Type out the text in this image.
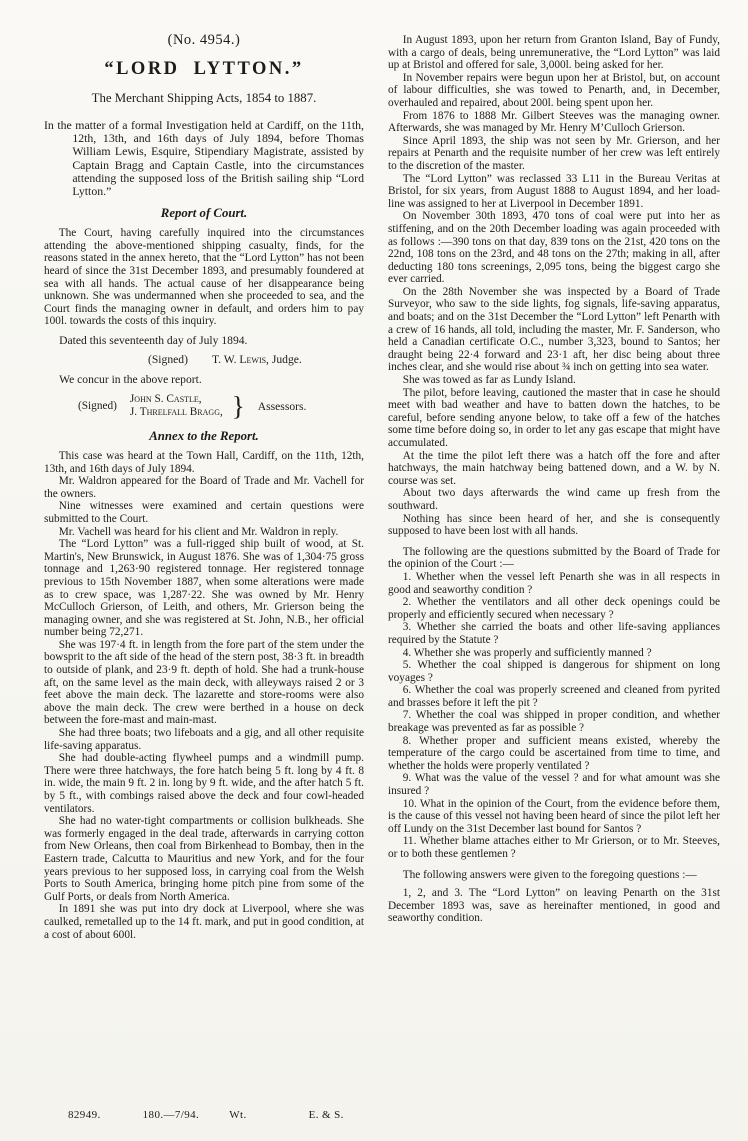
(No. 4954.)
“LORD LYTTON.”
The Merchant Shipping Acts, 1854 to 1887.

In the matter of a formal Investigation held at Cardiff, on the 11th, 12th, 13th, and 16th days of July 1894, before Thomas William Lewis, Esquire, Stipendiary Magistrate, assisted by Captain Bragg and Captain Castle, into the circumstances attending the supposed loss of the British sailing ship “Lord Lytton.”

Report of Court.

The Court, having carefully inquired into the circumstances attending the above-mentioned shipping casualty, finds, for the reasons stated in the annex hereto, that the “Lord Lytton” has not been heard of since the 31st December 1893, and presumably foundered at sea with all hands. The actual cause of her disappearance being unknown. She was undermanned when she proceeded to sea, and the Court finds the managing owner in default, and orders him to pay 100l. towards the costs of this inquiry.

Dated this seventeenth day of July 1894.

(Signed) T. W. Lewis, Judge.

We concur in the above report.

(Signed)
John S. Castle,
J. Threlfall Bragg, } Assessors.
Annex to the Report.

This case was heard at the Town Hall, Cardiff, on the 11th, 12th, 13th, and 16th days of July 1894.

Mr. Waldron appeared for the Board of Trade and Mr. Vachell for the owners.

Nine witnesses were examined and certain questions were submitted to the Court.

Mr. Vachell was heard for his client and Mr. Waldron in reply.

The “Lord Lytton” was a full-rigged ship built of wood, at St. Martin's, New Brunswick, in August 1876. She was of 1,304·75 gross tonnage and 1,263·90 registered tonnage. Her registered tonnage previous to 15th November 1887, when some alterations were made as to crew space, was 1,287·22. She was owned by Mr. Henry McCulloch Grierson, of Leith, and others, Mr. Grierson being the managing owner, and she was registered at St. John, N.B., her official number being 72,271.

She was 197·4 ft. in length from the fore part of the stem under the bowsprit to the aft side of the head of the stern post, 38·3 ft. in breadth to outside of plank, and 23·9 ft. depth of hold. She had a trunk-house aft, on the same level as the main deck, with alleyways raised 2 or 3 feet above the main deck. The lazarette and store-rooms were also above the main deck. The crew were berthed in a house on deck between the fore-mast and main-mast.

She had three boats; two lifeboats and a gig, and all other requisite life-saving apparatus.

She had double-acting flywheel pumps and a windmill pump. There were three hatchways, the fore hatch being 5 ft. long by 4 ft. 8 in. wide, the main 9 ft. 2 in. long by 9 ft. wide, and the after hatch 5 ft. by 5 ft., with combings raised above the deck and four cowl-headed ventilators.

She had no water-tight compartments or collision bulkheads. She was formerly engaged in the deal trade, afterwards in carrying cotton from New Orleans, then coal from Birkenhead to Bombay, then in the Eastern trade, Calcutta to Mauritius and new York, and for the four years previous to her supposed loss, in carrying coal from the Welsh Ports to South America, bringing home pitch pine from some of the Gulf Ports, or deals from North America.

In 1891 she was put into dry dock at Liverpool, where she was caulked, remetalled up to the 14 ft. mark, and put in good condition, at a cost of about 600l.

82949.	180.—7/94.	Wt.	E. & S.

In August 1893, upon her return from Granton Island, Bay of Fundy, with a cargo of deals, being unremunerative, the “Lord Lytton” was laid up at Bristol and offered for sale, 3,000l. being asked for her.

In November repairs were begun upon her at Bristol, but, on account of labour difficulties, she was towed to Penarth, and, in December, overhauled and repaired, about 200l. being spent upon her.

From 1876 to 1888 Mr. Gilbert Steeves was the managing owner. Afterwards, she was managed by Mr. Henry M’Culloch Grierson.

Since April 1893, the ship was not seen by Mr. Grierson, and her repairs at Penarth and the requisite number of her crew was left entirely to the discretion of the master.

The “Lord Lytton” was reclassed 33 L11 in the Bureau Veritas at Bristol, for six years, from August 1888 to August 1894, and her load-line was assigned to her at Liverpool in December 1891.

On November 30th 1893, 470 tons of coal were put into her as stiffening, and on the 20th December loading was again proceeded with as follows :—390 tons on that day, 839 tons on the 21st, 420 tons on the 22nd, 108 tons on the 23rd, and 48 tons on the 27th; making in all, after deducting 180 tons screenings, 2,095 tons, being the biggest cargo she ever carried.

On the 28th November she was inspected by a Board of Trade Surveyor, who saw to the side lights, fog signals, life-saving apparatus, and boats; and on the 31st December the “Lord Lytton” left Penarth with a crew of 16 hands, all told, including the master, Mr. F. Sanderson, who held a Canadian certificate O.C., number 3,323, bound to Santos; her draught being 22·4 forward and 23·1 aft, her disc being about three inches clear, and she would rise about ¾ inch on getting into sea water.

She was towed as far as Lundy Island.

The pilot, before leaving, cautioned the master that in case he should meet with bad weather and have to batten down the hatches, to be careful, before sending anyone below, to take off a few of the hatches some time before doing so, in order to let any gas escape that might have accumulated.

At the time the pilot left there was a hatch off the fore and after hatchways, the main hatchway being battened down, and a W. by N. course was set.

About two days afterwards the wind came up fresh from the southward.

Nothing has since been heard of her, and she is consequently supposed to have been lost with all hands.

The following are the questions submitted by the Board of Trade for the opinion of the Court :—

1. Whether when the vessel left Penarth she was in all respects in good and seaworthy condition ?

2. Whether the ventilators and all other deck openings could be properly and efficiently secured when necessary ?

3. Whether she carried the boats and other life-saving appliances required by the Statute ?

4. Whether she was properly and sufficiently manned ?

5. Whether the coal shipped is dangerous for shipment on long voyages ?

6. Whether the coal was properly screened and cleaned from pyrited and brasses before it left the pit ?

7. Whether the coal was shipped in proper condition, and whether breakage was prevented as far as possible ?

8. Whether proper and sufficient means existed, whereby the temperature of the cargo could be ascertained from time to time, and whether the holds were properly ventilated ?

9. What was the value of the vessel ? and for what amount was she insured ?

10. What in the opinion of the Court, from the evidence before them, is the cause of this vessel not having been heard of since the pilot left her off Lundy on the 31st December last bound for Santos ?

11. Whether blame attaches either to Mr Grierson, or to Mr. Steeves, or to both these gentlemen ?

The following answers were given to the foregoing questions :—

1, 2, and 3. The “Lord Lytton” on leaving Penarth on the 31st December 1893 was, save as hereinafter mentioned, in good and seaworthy condition.
